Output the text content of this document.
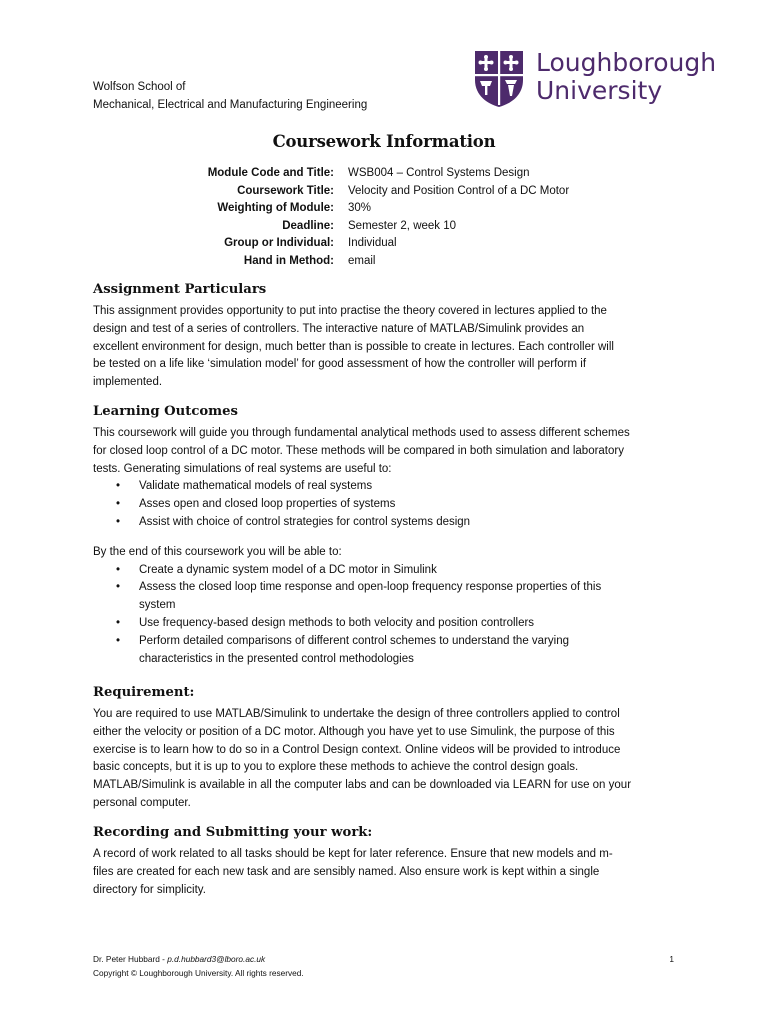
Wolfson School of
Mechanical, Electrical and Manufacturing Engineering
Loughborough
University
Coursework Information
Module Code and Title: WSB004 – Control Systems Design
Coursework Title: Velocity and Position Control of a DC Motor
Weighting of Module: 30%
Deadline: Semester 2, week 10
Group or Individual: Individual
Hand in Method: email
Assignment Particulars

This assignment provides opportunity to put into practise the theory covered in lectures applied to the

design and test of a series of controllers. The interactive nature of MATLAB/Simulink provides an

excellent environment for design, much better than is possible to create in lectures. Each controller will

be tested on a life like ‘simulation model’ for good assessment of how the controller will perform if

implemented.

Learning Outcomes

This coursework will guide you through fundamental analytical methods used to assess different schemes

for closed loop control of a DC motor. These methods will be compared in both simulation and laboratory

tests. Generating simulations of real systems are useful to:

• Validate mathematical models of real systems
• Asses open and closed loop properties of systems
• Assist with choice of control strategies for control systems design

By the end of this coursework you will be able to:

• Create a dynamic system model of a DC motor in Simulink
• Assess the closed loop time response and open-loop frequency response properties of this
system
• Use frequency-based design methods to both velocity and position controllers
• Perform detailed comparisons of different control schemes to understand the varying
characteristics in the presented control methodologies
Requirement:

You are required to use MATLAB/Simulink to undertake the design of three controllers applied to control

either the velocity or position of a DC motor. Although you have yet to use Simulink, the purpose of this

exercise is to learn how to do so in a Control Design context. Online videos will be provided to introduce

basic concepts, but it is up to you to explore these methods to achieve the control design goals.

MATLAB/Simulink is available in all the computer labs and can be downloaded via LEARN for use on your

personal computer.

Recording and Submitting your work:

A record of work related to all tasks should be kept for later reference. Ensure that new models and m-

files are created for each new task and are sensibly named. Also ensure work is kept within a single

directory for simplicity.

Dr. Peter Hubbard - p.d.hubbard3@lboro.ac.uk
Copyright © Loughborough University. All rights reserved.
1
